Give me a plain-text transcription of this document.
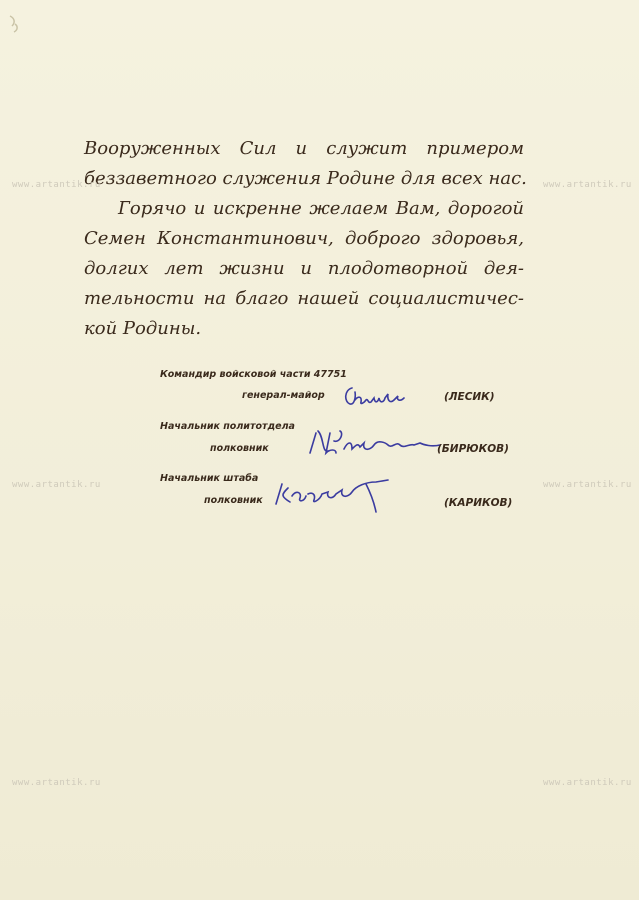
Вооруженных Сил и служит примером
беззаветного служения Родине для всех нас.
Горячо и искренне желаем Вам, дорогой
Семен Константинович, доброго здоровья,
долгих лет жизни и плодотворной дея-
тельности на благо нашей социалистичес-
кой Родины.
Командир войсковой части 47751
генерал-майор	(ЛЕСИК)
Начальник политотдела
полковник	(БИРЮКОВ)
Начальник штаба
полковник	(КАРИКОВ)
www.artantik.ru	www.artantik.ru
www.artantik.ru	www.artantik.ru
www.artantik.ru	www.artantik.ru
